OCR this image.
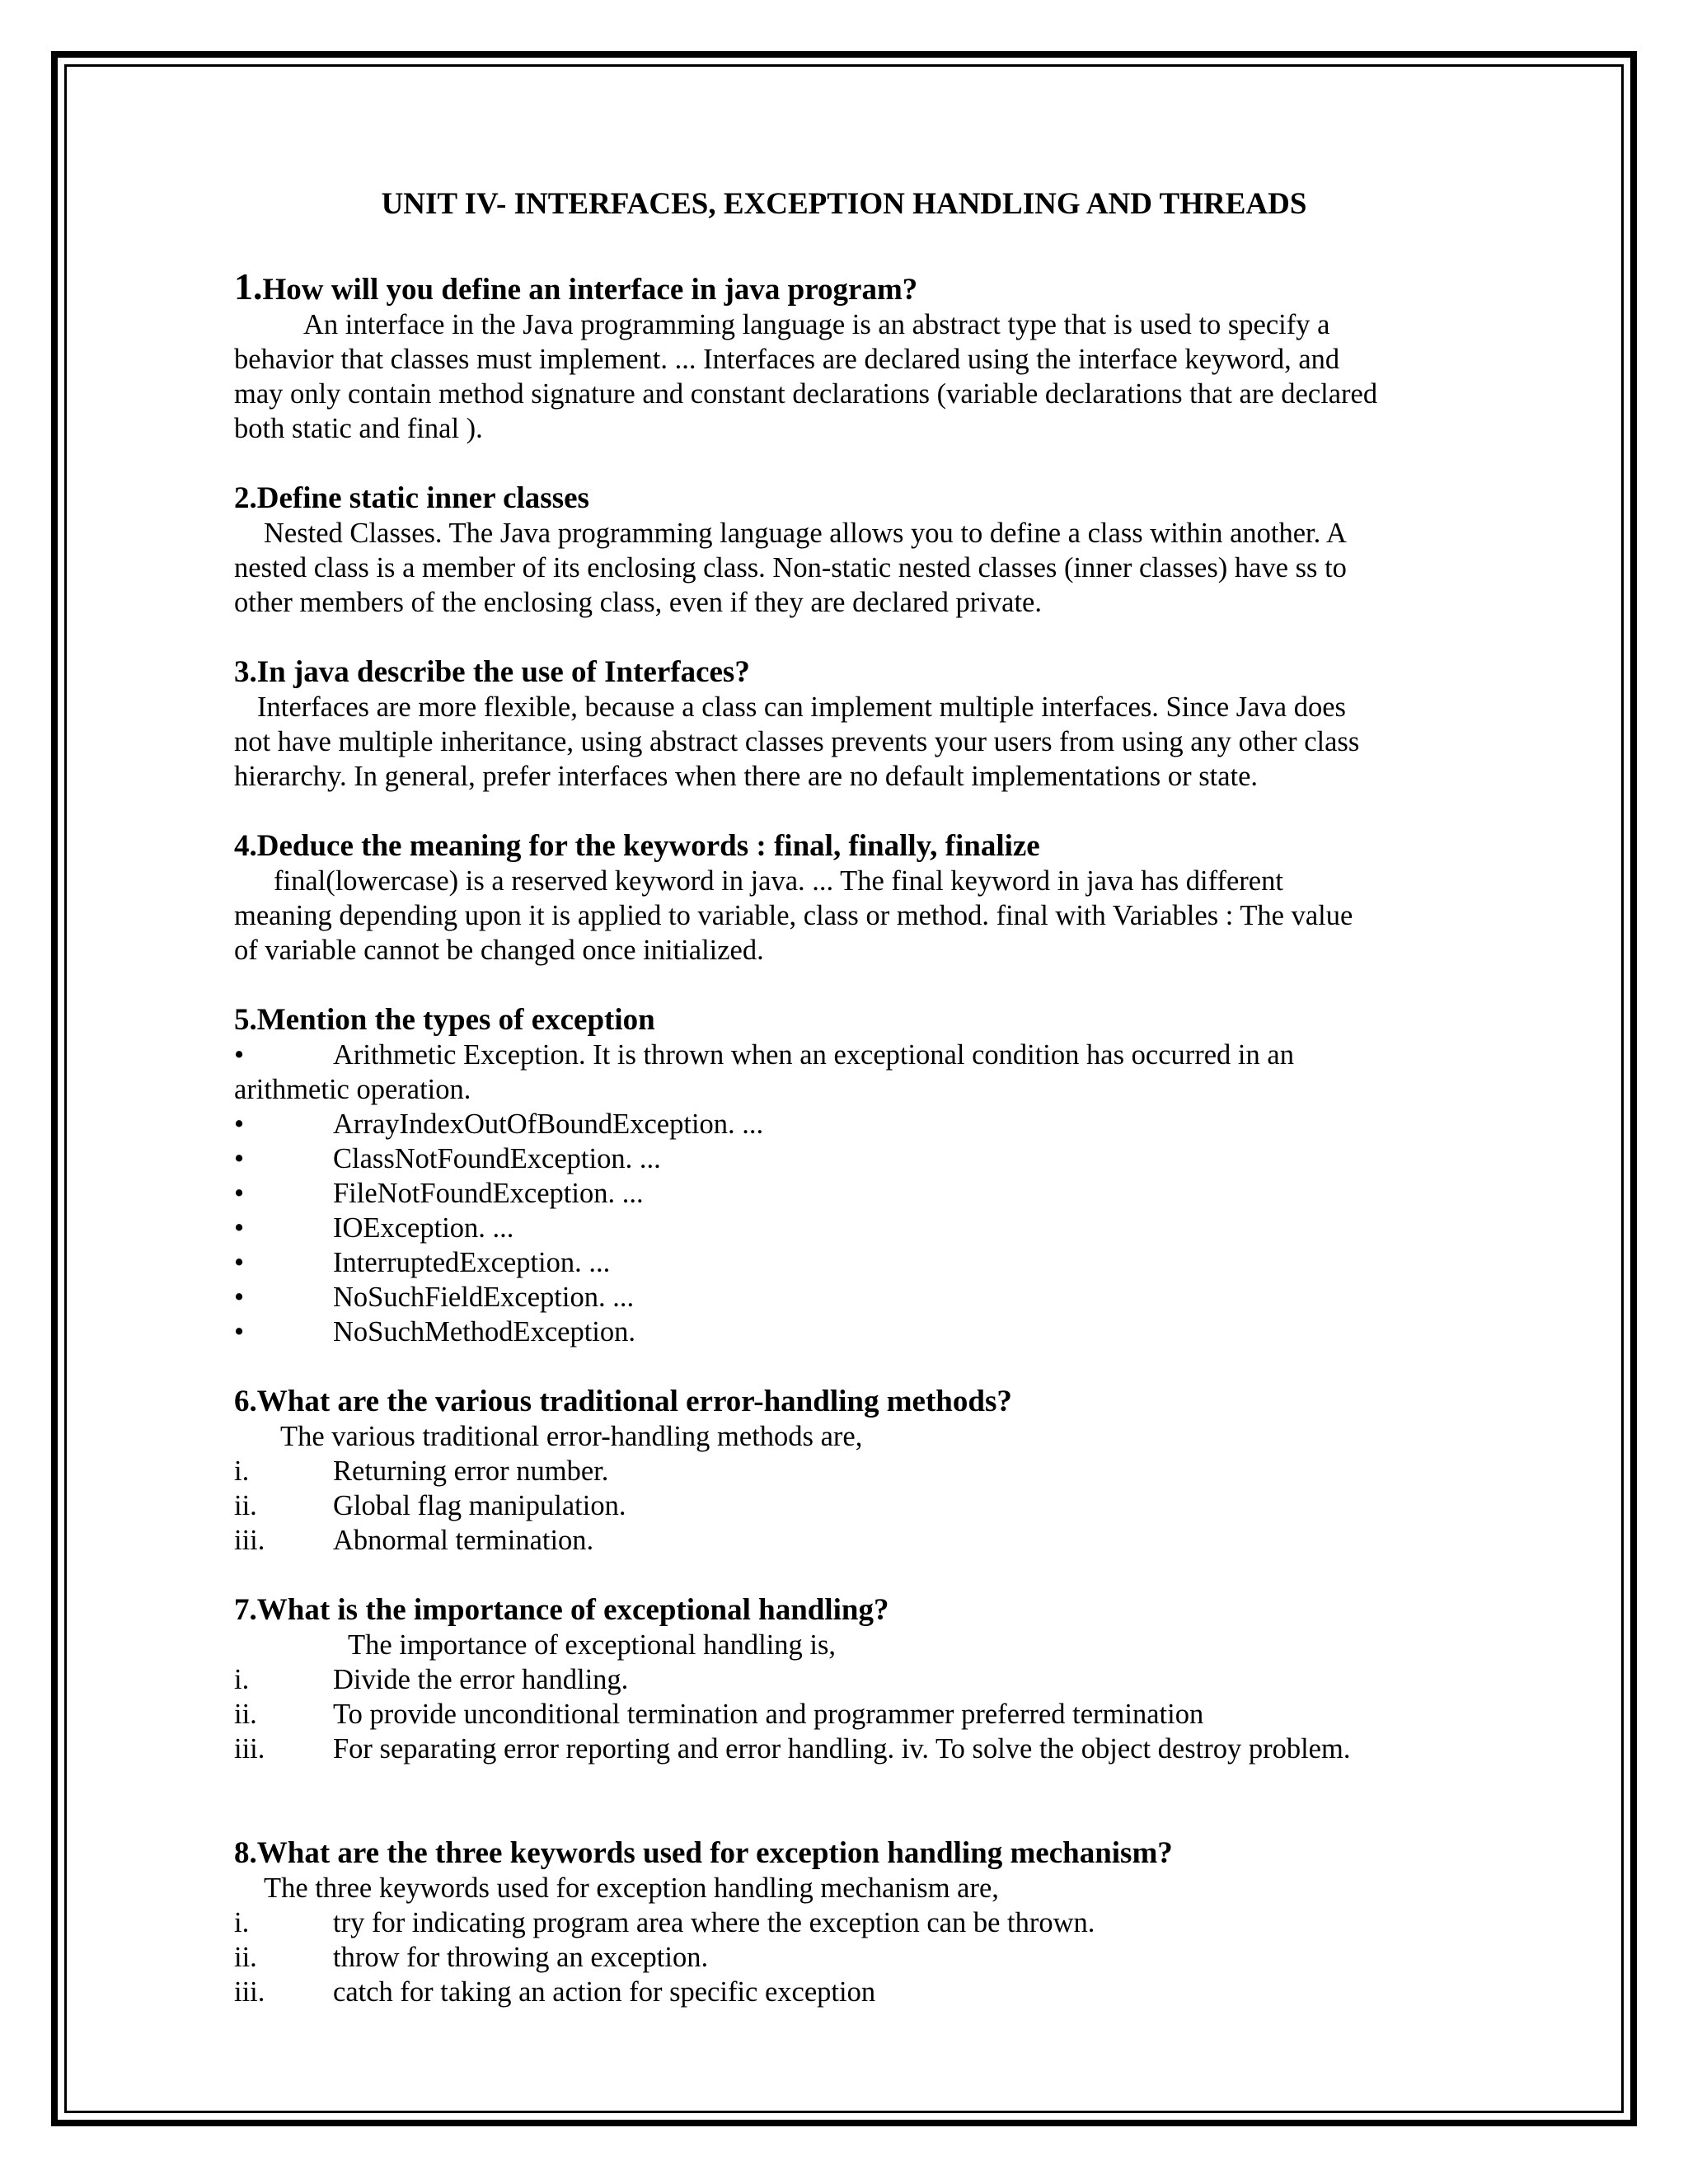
UNIT IV- INTERFACES, EXCEPTION HANDLING AND THREADS

1.How will you define an interface in java program?

An interface in the Java programming language is an abstract type that is used to specify a

behavior that classes must implement. ... Interfaces are declared using the interface keyword, and

may only contain method signature and constant declarations (variable declarations that are declared

both static and final ).

2.Define static inner classes

Nested Classes. The Java programming language allows you to define a class within another. A

nested class is a member of its enclosing class. Non-static nested classes (inner classes) have ss to

other members of the enclosing class, even if they are declared private.

3.In java describe the use of Interfaces?

Interfaces are more flexible, because a class can implement multiple interfaces. Since Java does

not have multiple inheritance, using abstract classes prevents your users from using any other class

hierarchy. In general, prefer interfaces when there are no default implementations or state.

4.Deduce the meaning for the keywords : final, finally, finalize

final(lowercase) is a reserved keyword in java. ... The final keyword in java has different

meaning depending upon it is applied to variable, class or method. final with Variables : The value

of variable cannot be changed once initialized.

5.Mention the types of exception

•	Arithmetic Exception. It is thrown when an exceptional condition has occurred in an

arithmetic operation.

•	ArrayIndexOutOfBoundException. ...
•	ClassNotFoundException. ...
•	FileNotFoundException. ...
•	IOException. ...
•	InterruptedException. ...
•	NoSuchFieldException. ...
•	NoSuchMethodException.

6.What are the various traditional error-handling methods?

The various traditional error-handling methods are,

i.	Returning error number.
ii.	Global flag manipulation.
iii.	Abnormal termination.

7.What is the importance of exceptional handling?

The importance of exceptional handling is,

i.	Divide the error handling.
ii.	To provide unconditional termination and programmer preferred termination
iii.	For separating error reporting and error handling. iv. To solve the object destroy problem.

8.What are the three keywords used for exception handling mechanism?

The three keywords used for exception handling mechanism are,

i.	try for indicating program area where the exception can be thrown.
ii.	throw for throwing an exception.
iii.	catch for taking an action for specific exception
